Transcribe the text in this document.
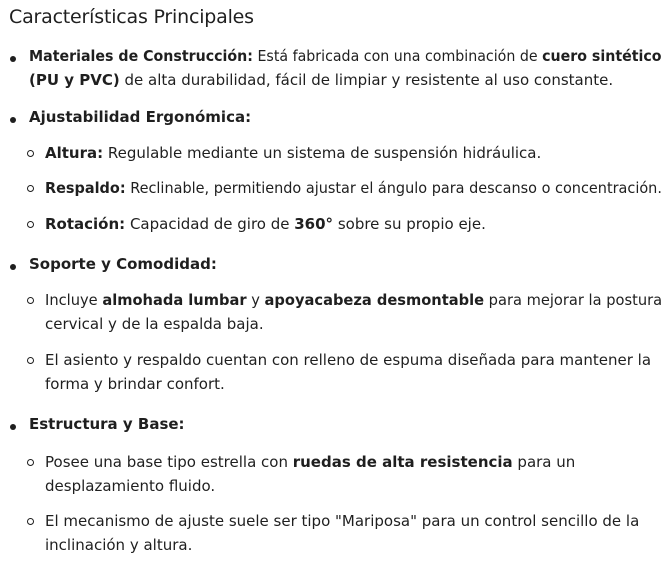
Características Principales
Materiales de Construcción: Está fabricada con una combinación de cuero sintético
(PU y PVC) de alta durabilidad, fácil de limpiar y resistente al uso constante.
Ajustabilidad Ergonómica:
Altura: Regulable mediante un sistema de suspensión hidráulica.
Respaldo: Reclinable, permitiendo ajustar el ángulo para descanso o concentración.
Rotación: Capacidad de giro de 360° sobre su propio eje.
Soporte y Comodidad:
Incluye almohada lumbar y apoyacabeza desmontable para mejorar la postura
cervical y de la espalda baja.
El asiento y respaldo cuentan con relleno de espuma diseñada para mantener la
forma y brindar confort.
Estructura y Base:
Posee una base tipo estrella con ruedas de alta resistencia para un
desplazamiento fluido.
El mecanismo de ajuste suele ser tipo "Mariposa" para un control sencillo de la
inclinación y altura.
